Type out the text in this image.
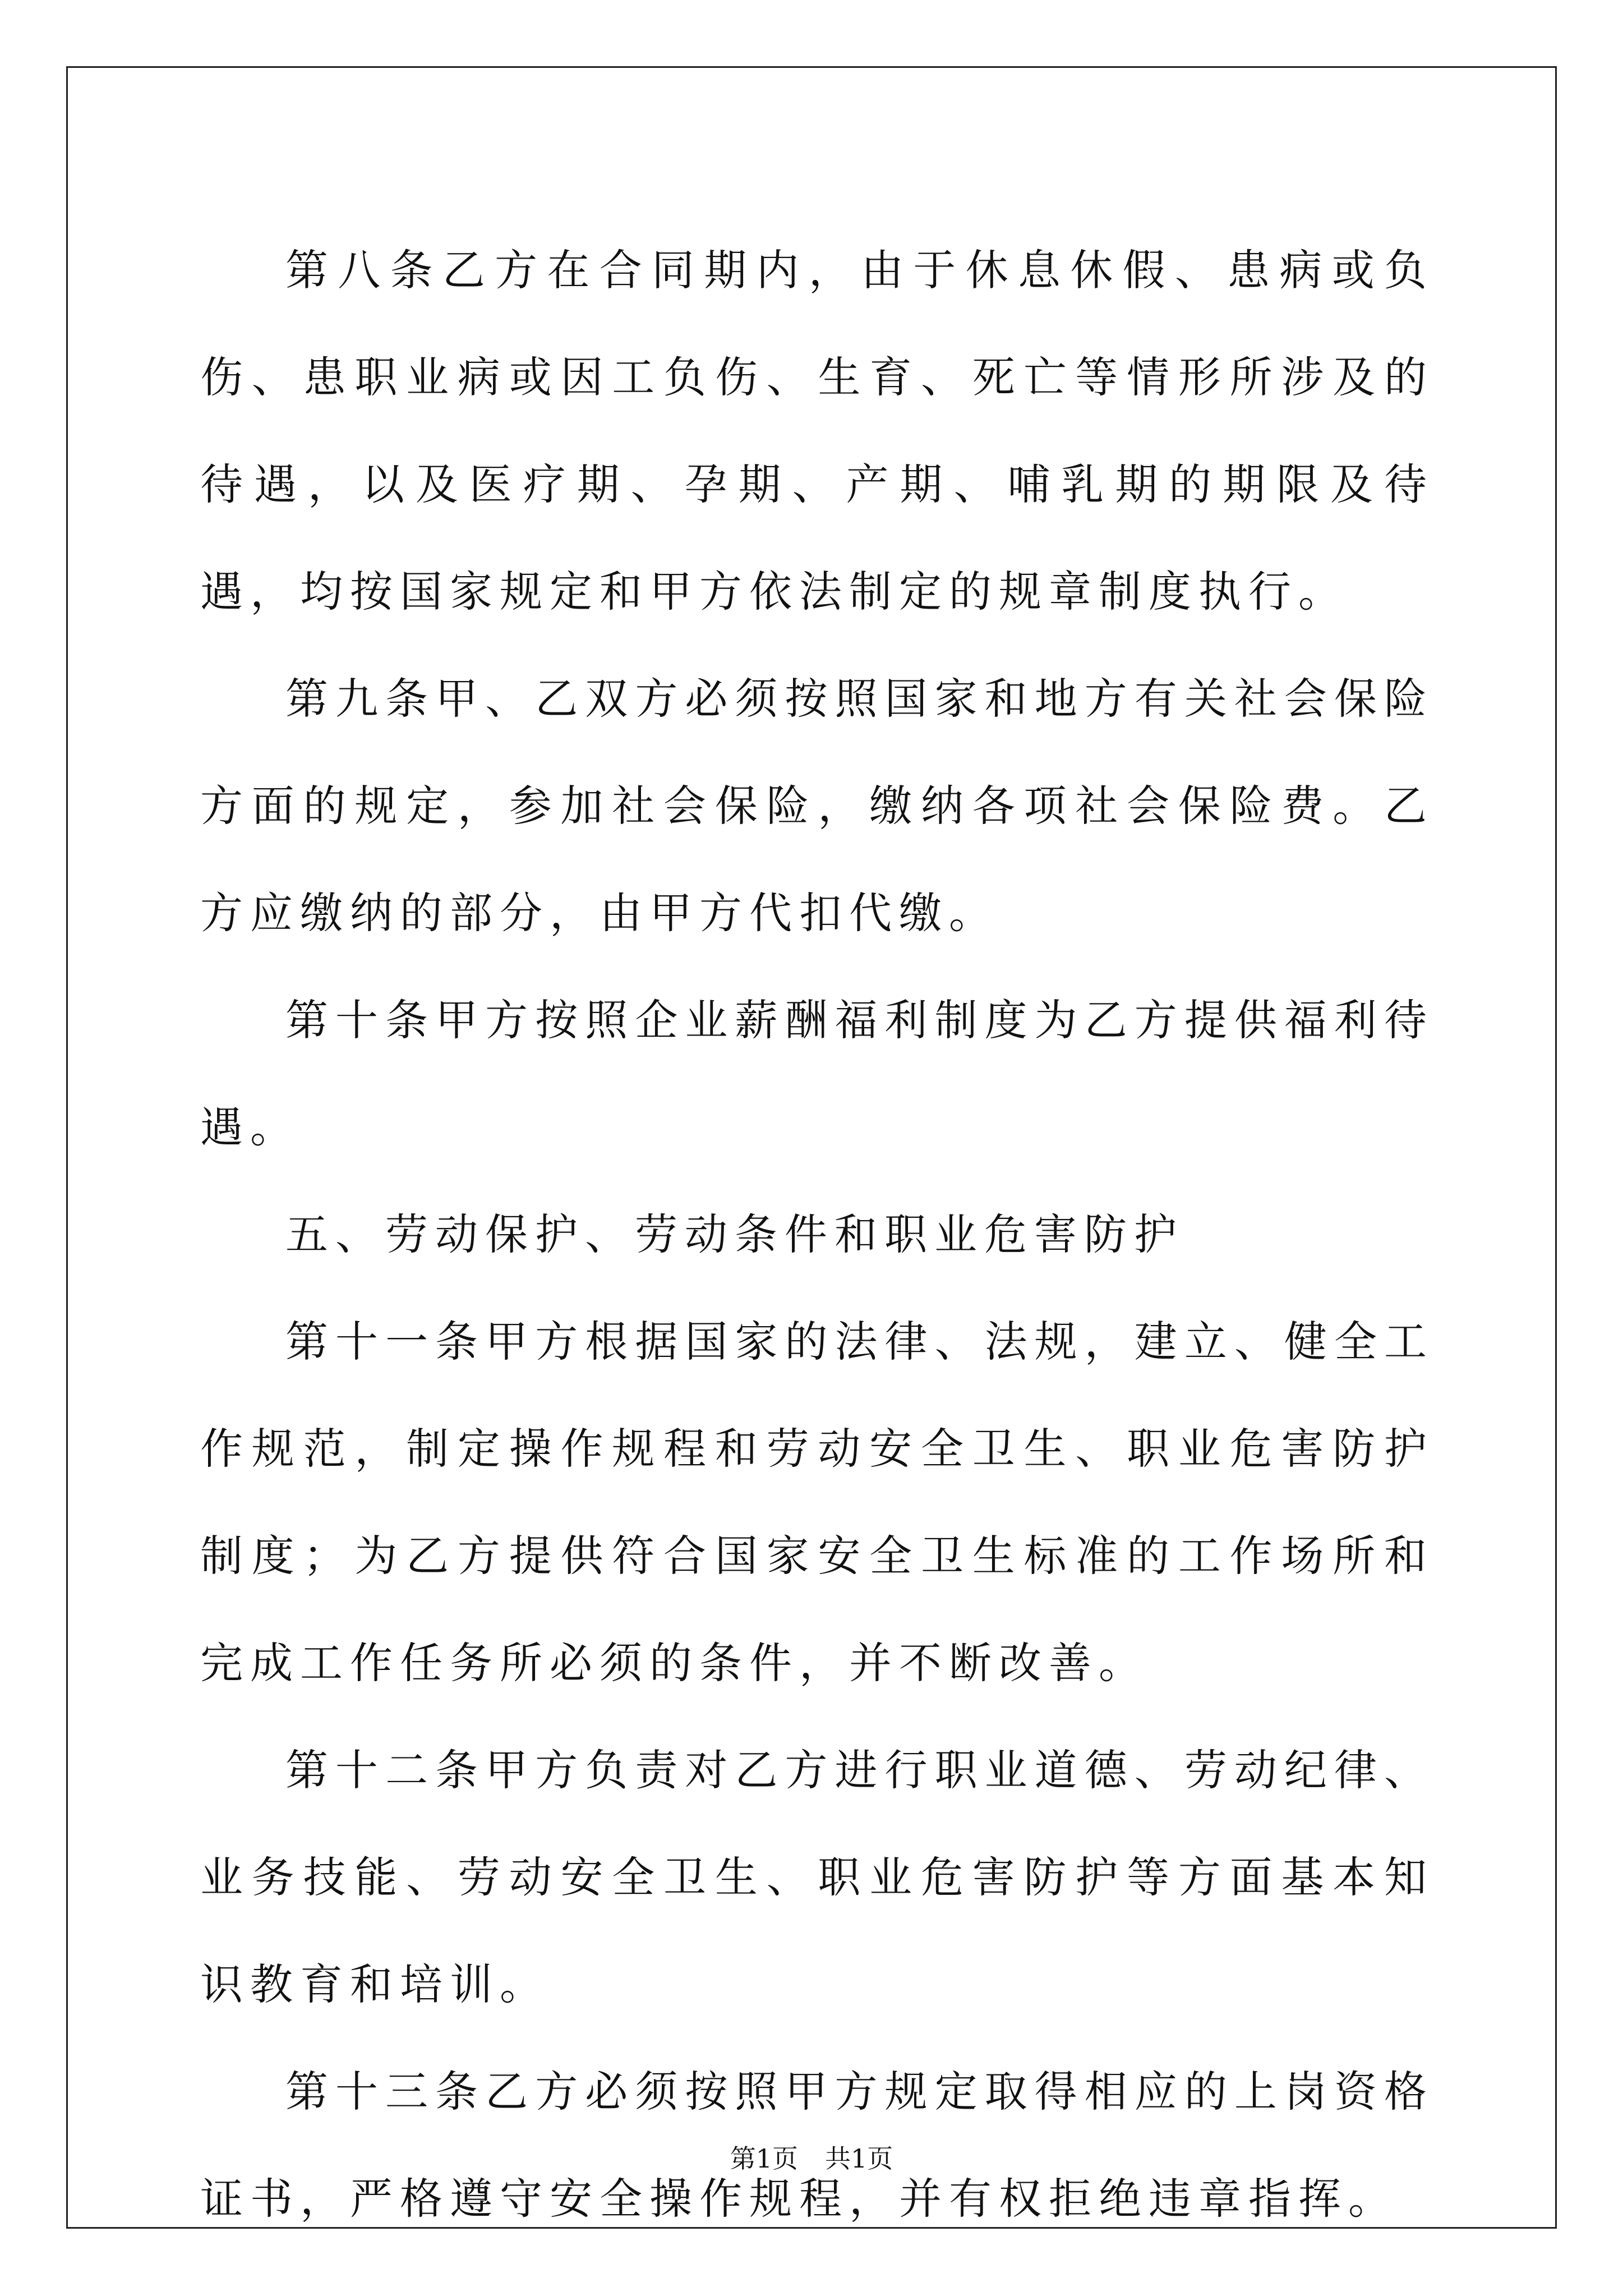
第八条乙方在合同期内，由于休息休假、患病或负伤、患职业病或因工负伤、生育、死亡等情形所涉及的待遇，以及医疗期、孕期、产期、哺乳期的期限及待遇，均按国家规定和甲方依法制定的规章制度执行。

第九条甲、乙双方必须按照国家和地方有关社会保险方面的规定，参加社会保险，缴纳各项社会保险费。乙方应缴纳的部分，由甲方代扣代缴。

第十条甲方按照企业薪酬福利制度为乙方提供福利待遇。

五、劳动保护、劳动条件和职业危害防护

第十一条甲方根据国家的法律、法规，建立、健全工作规范，制定操作规程和劳动安全卫生、职业危害防护制度；为乙方提供符合国家安全卫生标准的工作场所和完成工作任务所必须的条件，并不断改善。

第十二条甲方负责对乙方进行职业道德、劳动纪律、业务技能、劳动安全卫生、职业危害防护等方面基本知识教育和培训。

第十三条乙方必须按照甲方规定取得相应的上岗资格证书，严格遵守安全操作规程，并有权拒绝违章指挥。

第1页 共1页
